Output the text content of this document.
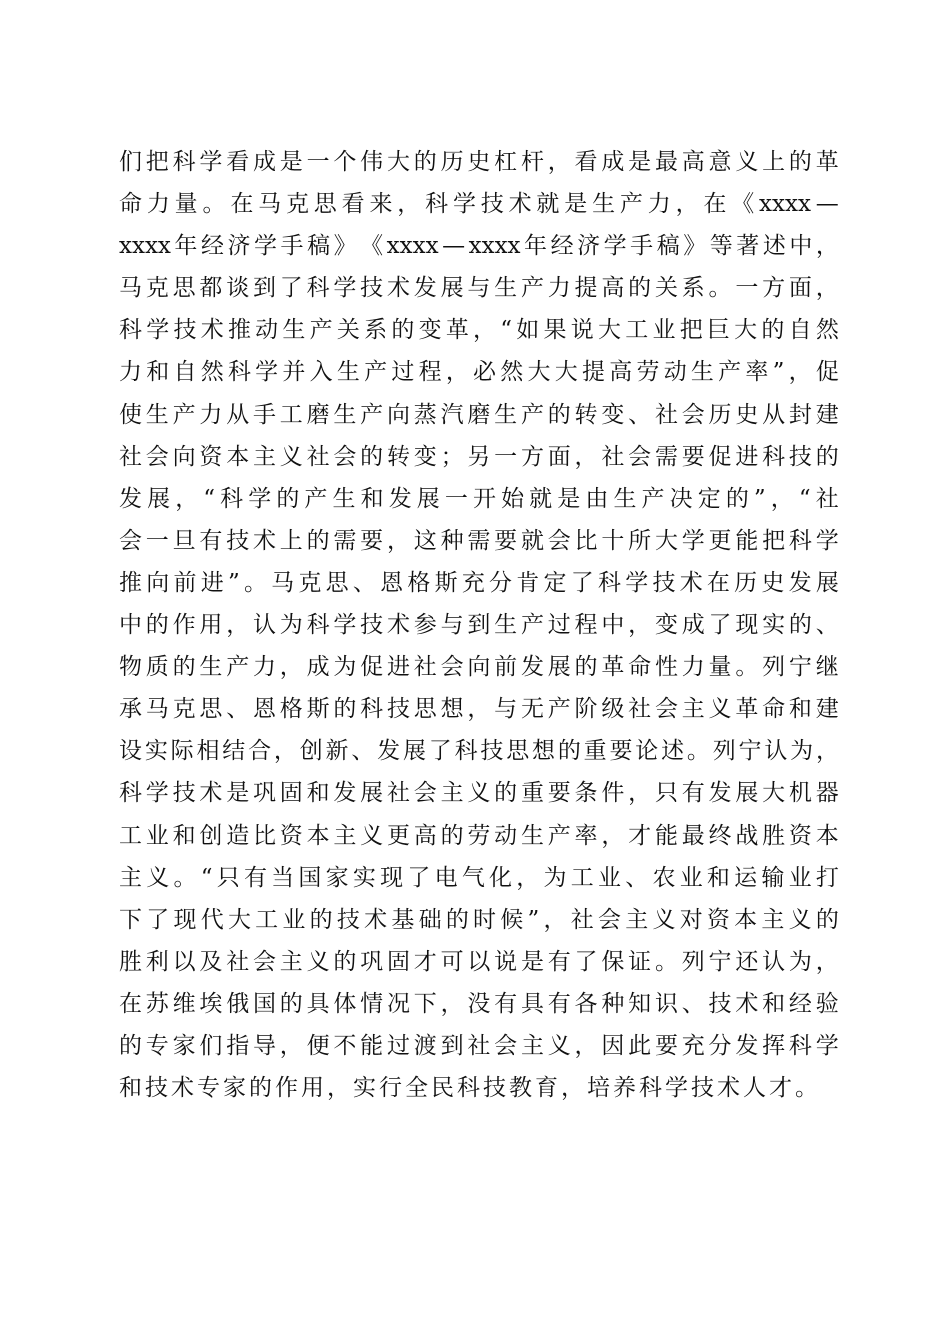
们 把 科 学 看 成 是 一 个 伟 大 的 历 史 杠 杆 ， 看 成 是 最 高 意 义 上 的 革
命 力 量 。 在 马 克 思 看 来 ， 科 学 技 术 就 是 生 产 力 ， 在 《 xxxx —
xxxx 年 经 济 学 手 稿 》 《 xxxx — xxxx 年 经 济 学 手 稿 》 等 著 述 中 ，
马 克 思 都 谈 到 了 科 学 技 术 发 展 与 生 产 力 提 高 的 关 系 。 一 方 面 ，
科 学 技 术 推 动 生 产 关 系 的 变 革 ， “ 如 果 说 大 工 业 把 巨 大 的 自 然
力 和 自 然 科 学 并 入 生 产 过 程 ， 必 然 大 大 提 高 劳 动 生 产 率 ” ， 促
使 生 产 力 从 手 工 磨 生 产 向 蒸 汽 磨 生 产 的 转 变 、 社 会 历 史 从 封 建
社 会 向 资 本 主 义 社 会 的 转 变 ； 另 一 方 面 ， 社 会 需 要 促 进 科 技 的
发 展 ， “ 科 学 的 产 生 和 发 展 一 开 始 就 是 由 生 产 决 定 的 ” ， “ 社
会 一 旦 有 技 术 上 的 需 要 ， 这 种 需 要 就 会 比 十 所 大 学 更 能 把 科 学
推 向 前 进 ” 。 马 克 思 、 恩 格 斯 充 分 肯 定 了 科 学 技 术 在 历 史 发 展
中 的 作 用 ， 认 为 科 学 技 术 参 与 到 生 产 过 程 中 ， 变 成 了 现 实 的 、
物 质 的 生 产 力 ， 成 为 促 进 社 会 向 前 发 展 的 革 命 性 力 量 。 列 宁 继
承 马 克 思 、 恩 格 斯 的 科 技 思 想 ， 与 无 产 阶 级 社 会 主 义 革 命 和 建
设 实 际 相 结 合 ， 创 新 、 发 展 了 科 技 思 想 的 重 要 论 述 。 列 宁 认 为 ，
科 学 技 术 是 巩 固 和 发 展 社 会 主 义 的 重 要 条 件 ， 只 有 发 展 大 机 器
工 业 和 创 造 比 资 本 主 义 更 高 的 劳 动 生 产 率 ， 才 能 最 终 战 胜 资 本
主 义 。 “ 只 有 当 国 家 实 现 了 电 气 化 ， 为 工 业 、 农 业 和 运 输 业 打
下 了 现 代 大 工 业 的 技 术 基 础 的 时 候 ” ， 社 会 主 义 对 资 本 主 义 的
胜 利 以 及 社 会 主 义 的 巩 固 才 可 以 说 是 有 了 保 证 。 列 宁 还 认 为 ，
在 苏 维 埃 俄 国 的 具 体 情 况 下 ， 没 有 具 有 各 种 知 识 、 技 术 和 经 验
的 专 家 们 指 导 ， 便 不 能 过 渡 到 社 会 主 义 ， 因 此 要 充 分 发 挥 科 学
和技术专家的作用，实行全民科技教育，培养科学技术人才。
